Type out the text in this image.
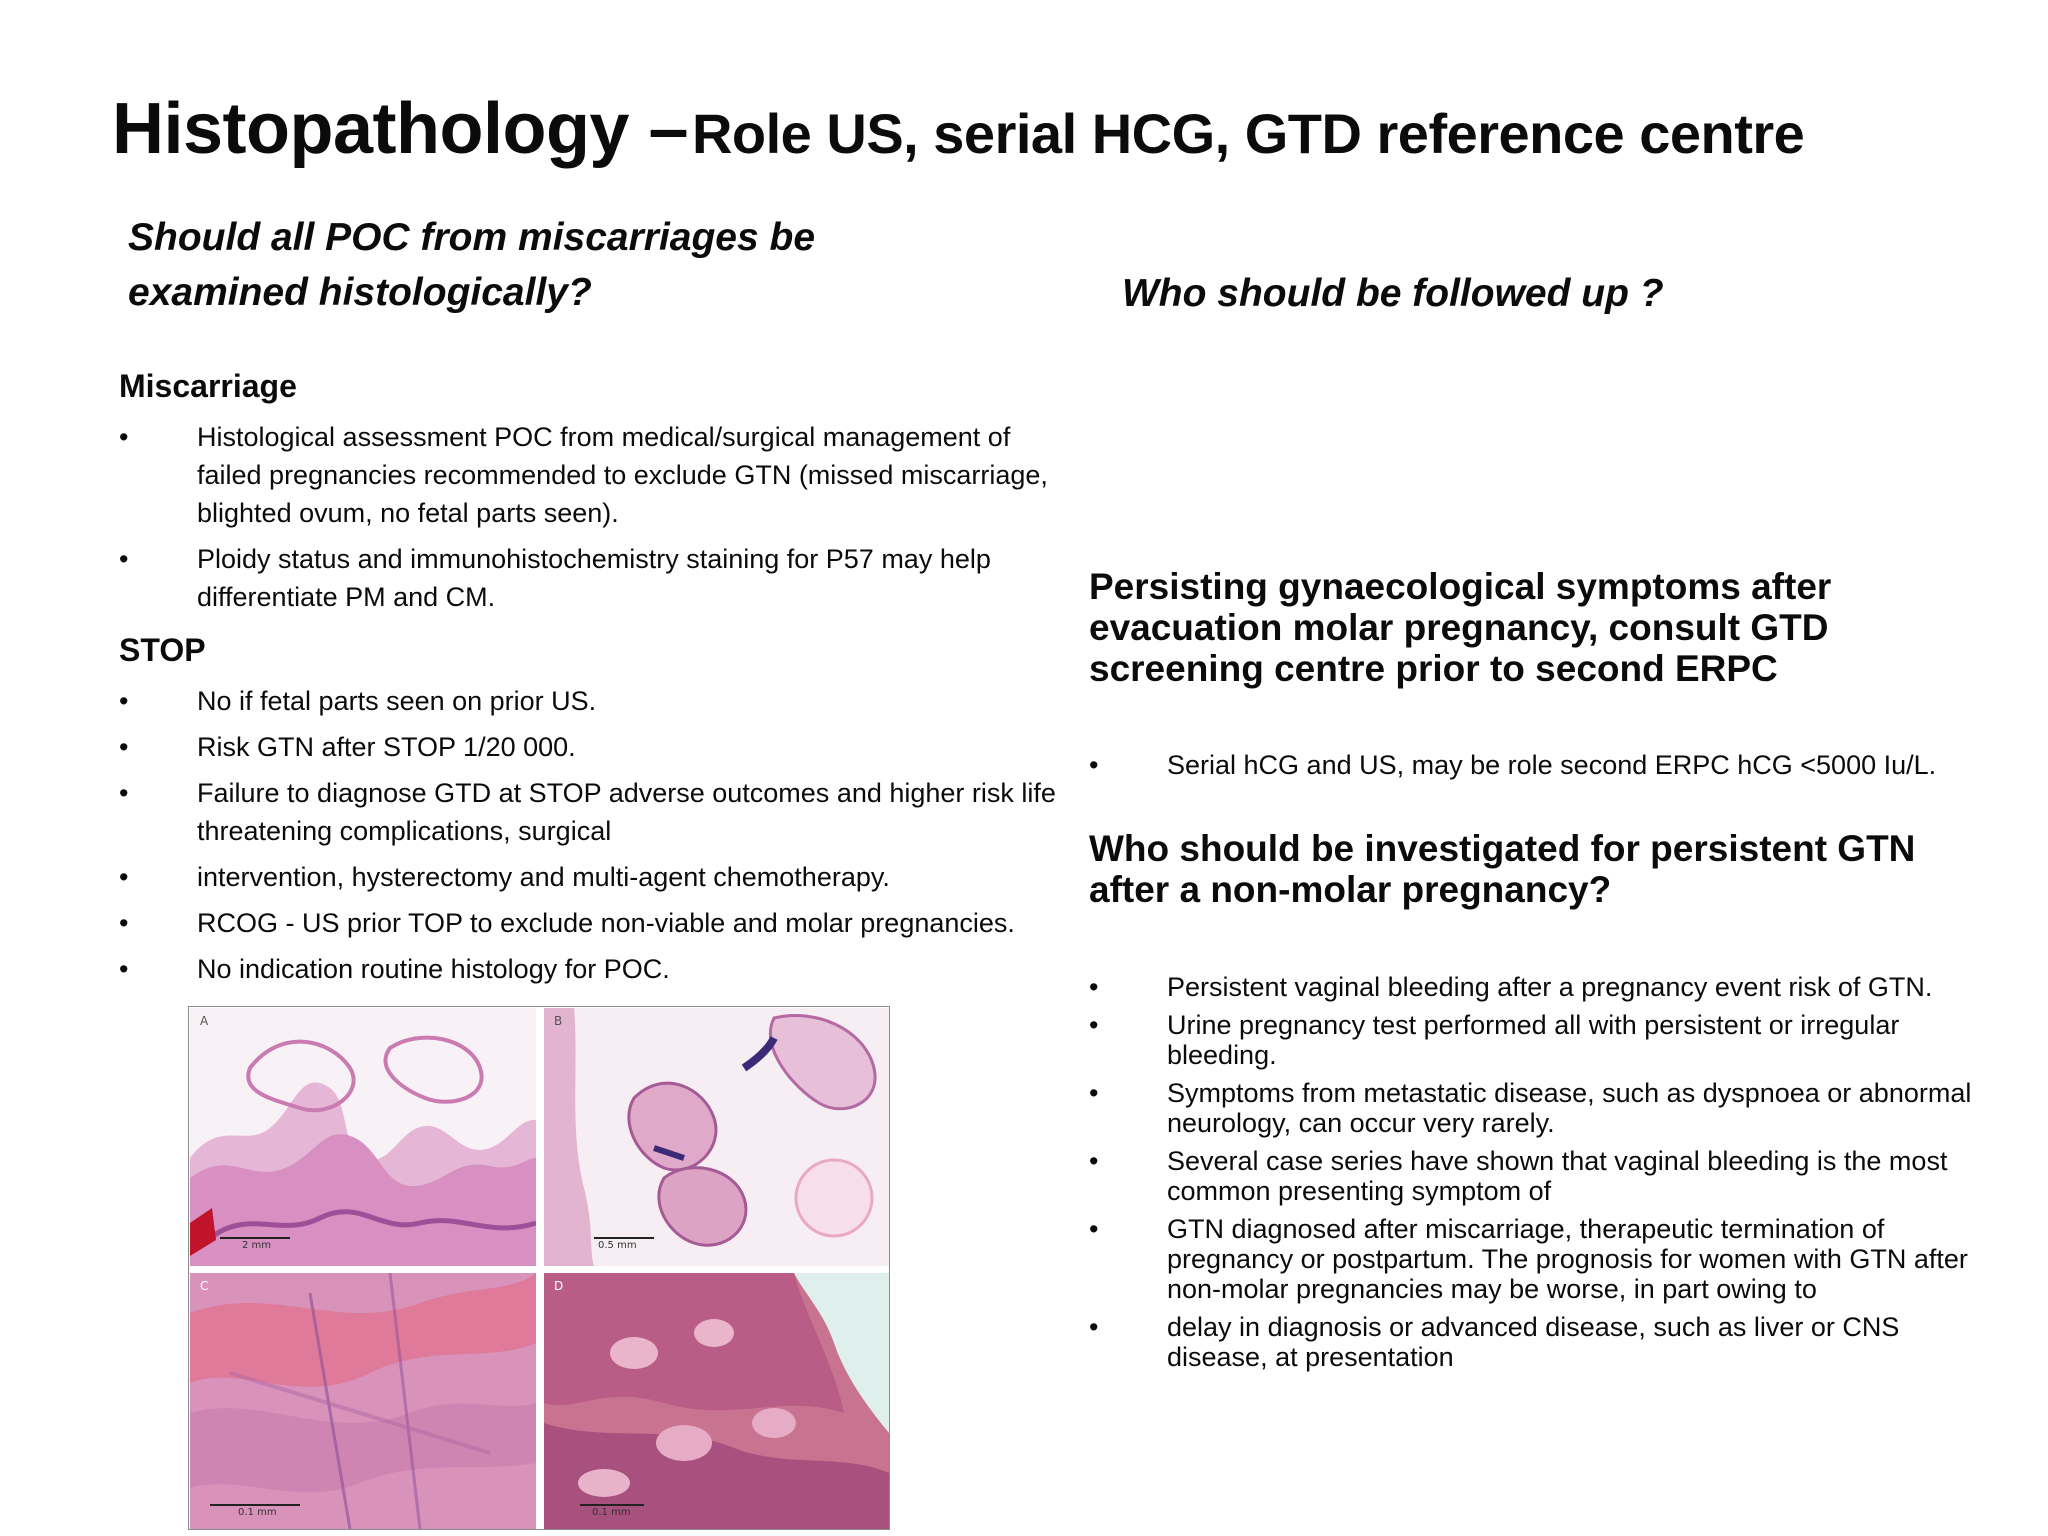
Histopathology – Role US, serial HCG, GTD reference centre
Should all POC from miscarriages be examined histologically?	Who should be followed up ?
Miscarriage
•	Histological assessment POC from medical/surgical management of failed pregnancies recommended to exclude GTN (missed miscarriage, blighted ovum, no fetal parts seen).
•	Ploidy status and immunohistochemistry staining for P57 may help differentiate PM and CM.
STOP
•	No if fetal parts seen on prior US.
•	Risk GTN after STOP 1/20 000.
•	Failure to diagnose GTD at STOP adverse outcomes and higher risk life threatening complications, surgical
•	intervention, hysterectomy and multi-agent chemotherapy.
•	RCOG - US prior TOP to exclude non-viable and molar pregnancies.
•	No indication routine histology for POC.
A
2 mm
B
0.5 mm
C
0.1 mm
D
0.1 mm
Persisting gynaecological symptoms after evacuation molar pregnancy, consult GTD screening centre prior to second ERPC
•	Serial hCG and US, may be role second ERPC hCG <5000 Iu/L.
Who should be investigated for persistent GTN after a non-molar pregnancy?
•	Persistent vaginal bleeding after a pregnancy event risk of GTN.
•	Urine pregnancy test performed all with persistent or irregular bleeding.
•	Symptoms from metastatic disease, such as dyspnoea or abnormal neurology, can occur very rarely.
•	Several case series have shown that vaginal bleeding is the most common presenting symptom of
•	GTN diagnosed after miscarriage, therapeutic termination of pregnancy or postpartum. The prognosis for women with GTN after non-molar pregnancies may be worse, in part owing to
•	delay in diagnosis or advanced disease, such as liver or CNS disease, at presentation
